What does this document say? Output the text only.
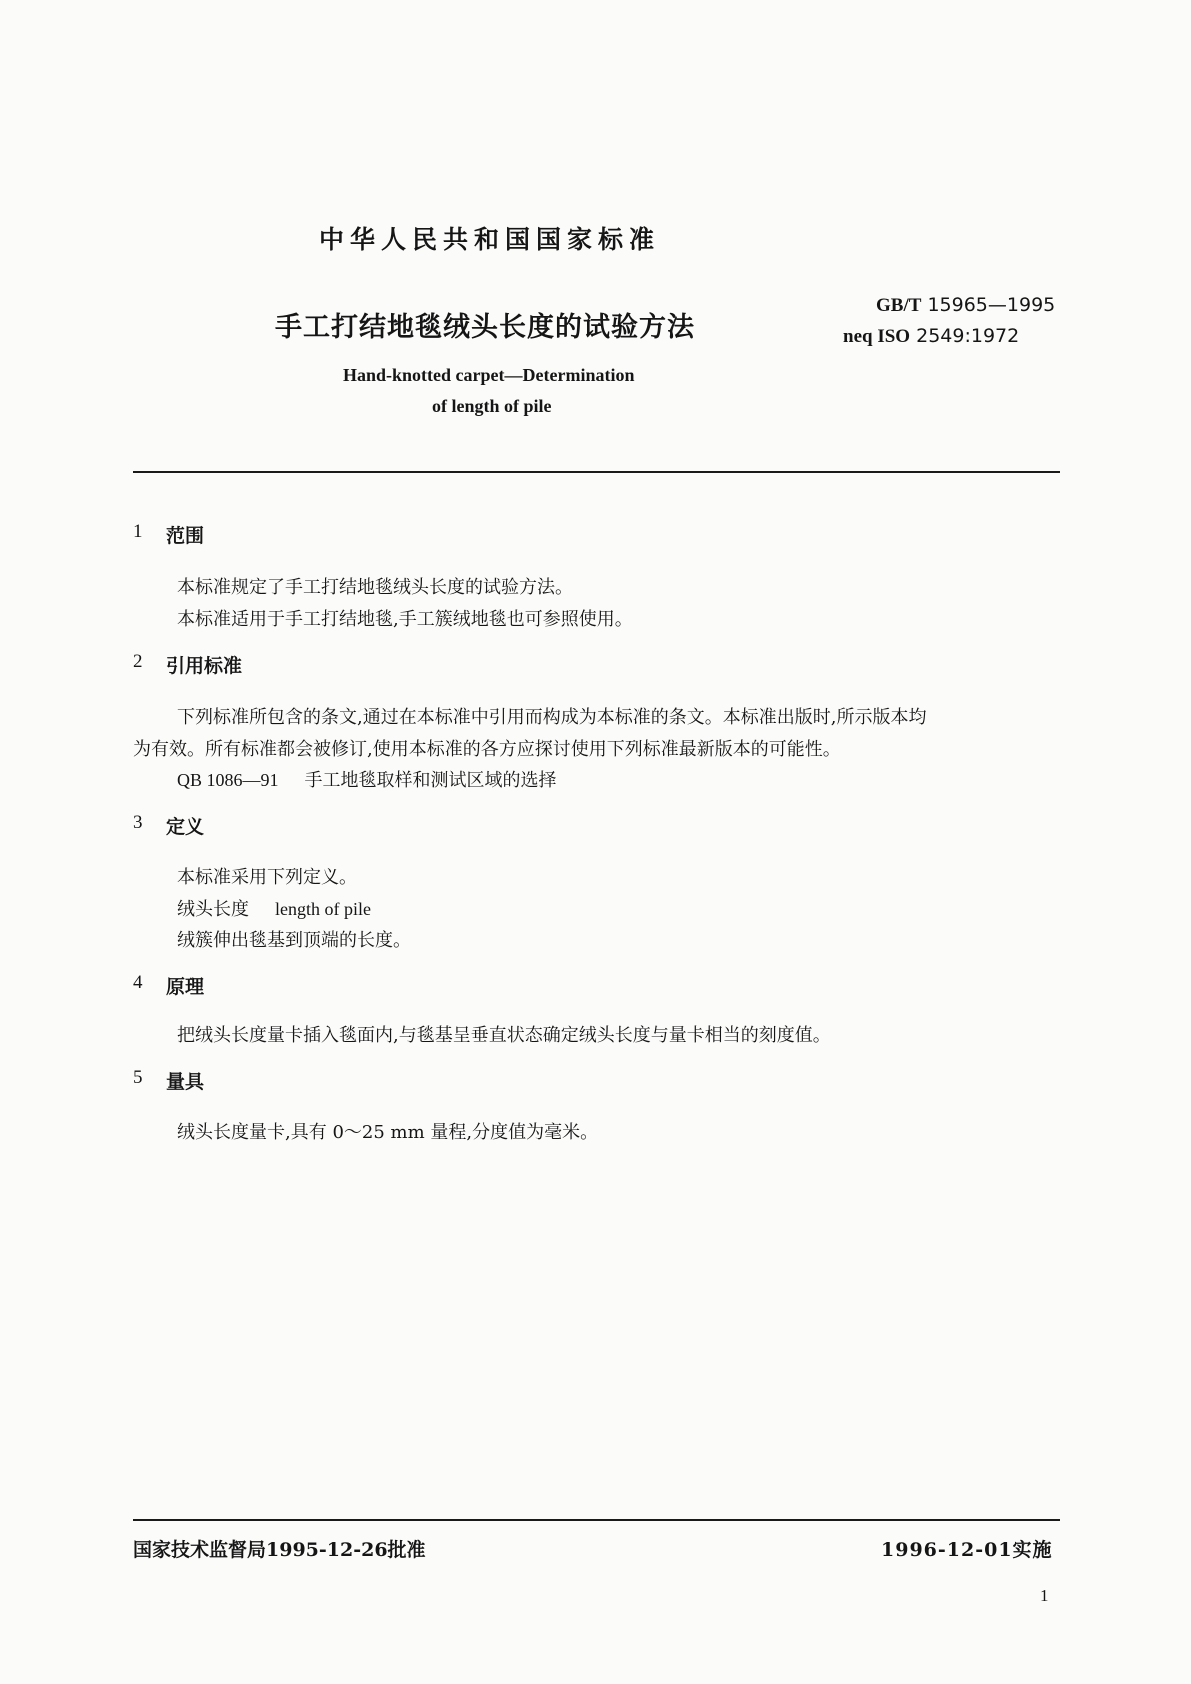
中华人民共和国国家标准
手工打结地毯绒头长度的试验方法
GB/T 15965—1995
neq ISO 2549:1972
Hand-knotted carpet—Determination
of length of pile
1 范围
本标准规定了手工打结地毯绒头长度的试验方法。
本标准适用于手工打结地毯,手工簇绒地毯也可参照使用。
2 引用标准
下列标准所包含的条文,通过在本标准中引用而构成为本标准的条文。本标准出版时,所示版本均
为有效。所有标准都会被修订,使用本标准的各方应探讨使用下列标准最新版本的可能性。
QB 1086—91 手工地毯取样和测试区域的选择
3 定义
本标准采用下列定义。
绒头长度 length of pile
绒簇伸出毯基到顶端的长度。
4 原理
把绒头长度量卡插入毯面内,与毯基呈垂直状态确定绒头长度与量卡相当的刻度值。
5 量具
绒头长度量卡,具有 0～25 mm 量程,分度值为毫米。
国家技术监督局1995-12-26批准	1996-12-01实施
1
